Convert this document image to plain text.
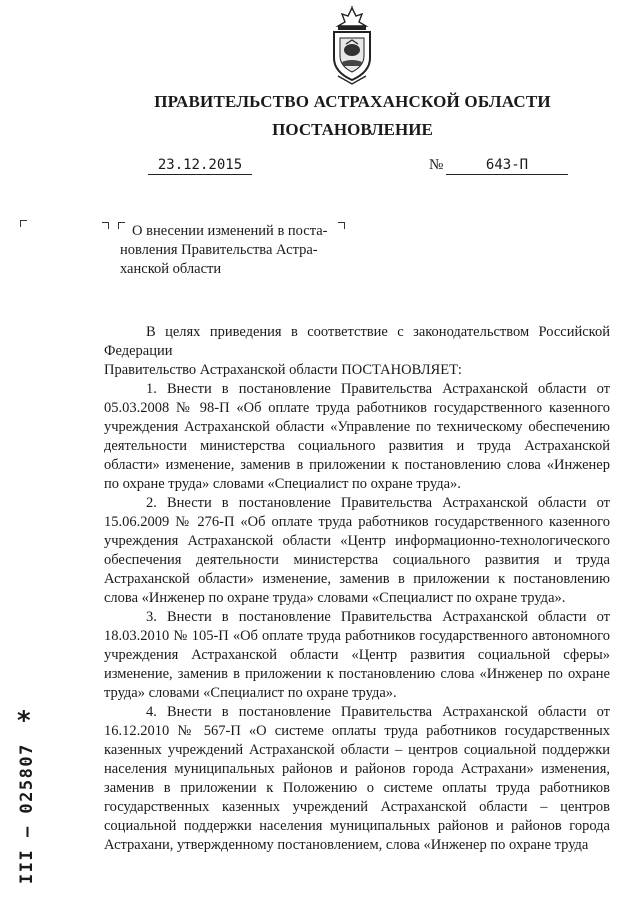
ПРАВИТЕЛЬСТВО АСТРАХАНСКОЙ ОБЛАСТИ
ПОСТАНОВЛЕНИЕ
23.12.2015	№	643-П
О внесении изменений в поста-
новления Правительства Астра-
ханской области

В целях приведения в соответствие с законодательством Российской Федерации

Правительство Астраханской области ПОСТАНОВЛЯЕТ:

1. Внести в постановление Правительства Астраханской области от 05.03.2008 № 98-П «Об оплате труда работников государственного казенного учреждения Астраханской области «Управление по техническому обеспечению деятельности министерства социального развития и труда Астраханской области» изменение, заменив в приложении к постановлению слова «Инженер по охране труда» словами «Специалист по охране труда».

2. Внести в постановление Правительства Астраханской области от 15.06.2009 № 276-П «Об оплате труда работников государственного казенного учреждения Астраханской области «Центр информационно-технологического обеспечения деятельности министерства социального развития и труда Астраханской области» изменение, заменив в приложении к постановлению слова «Инженер по охране труда» словами «Специалист по охране труда».

3. Внести в постановление Правительства Астраханской области от 18.03.2010 № 105-П «Об оплате труда работников государственного автономного учреждения Астраханской области «Центр развития социальной сферы» изменение, заменив в приложении к постановлению слова «Инженер по охране труда» словами «Специалист по охране труда».

4. Внести в постановление Правительства Астраханской области от 16.12.2010 № 567-П «О системе оплаты труда работников государственных казенных учреждений Астраханской области – центров социальной поддержки населения муниципальных районов и районов города Астрахани» изменения, заменив в приложении к Положению о системе оплаты труда работников государственных казенных учреждений Астраханской области – центров социальной поддержки населения муниципальных районов и районов города Астрахани, утвержденному постановлением, слова «Инженер по охране труда

*
III – 025807
